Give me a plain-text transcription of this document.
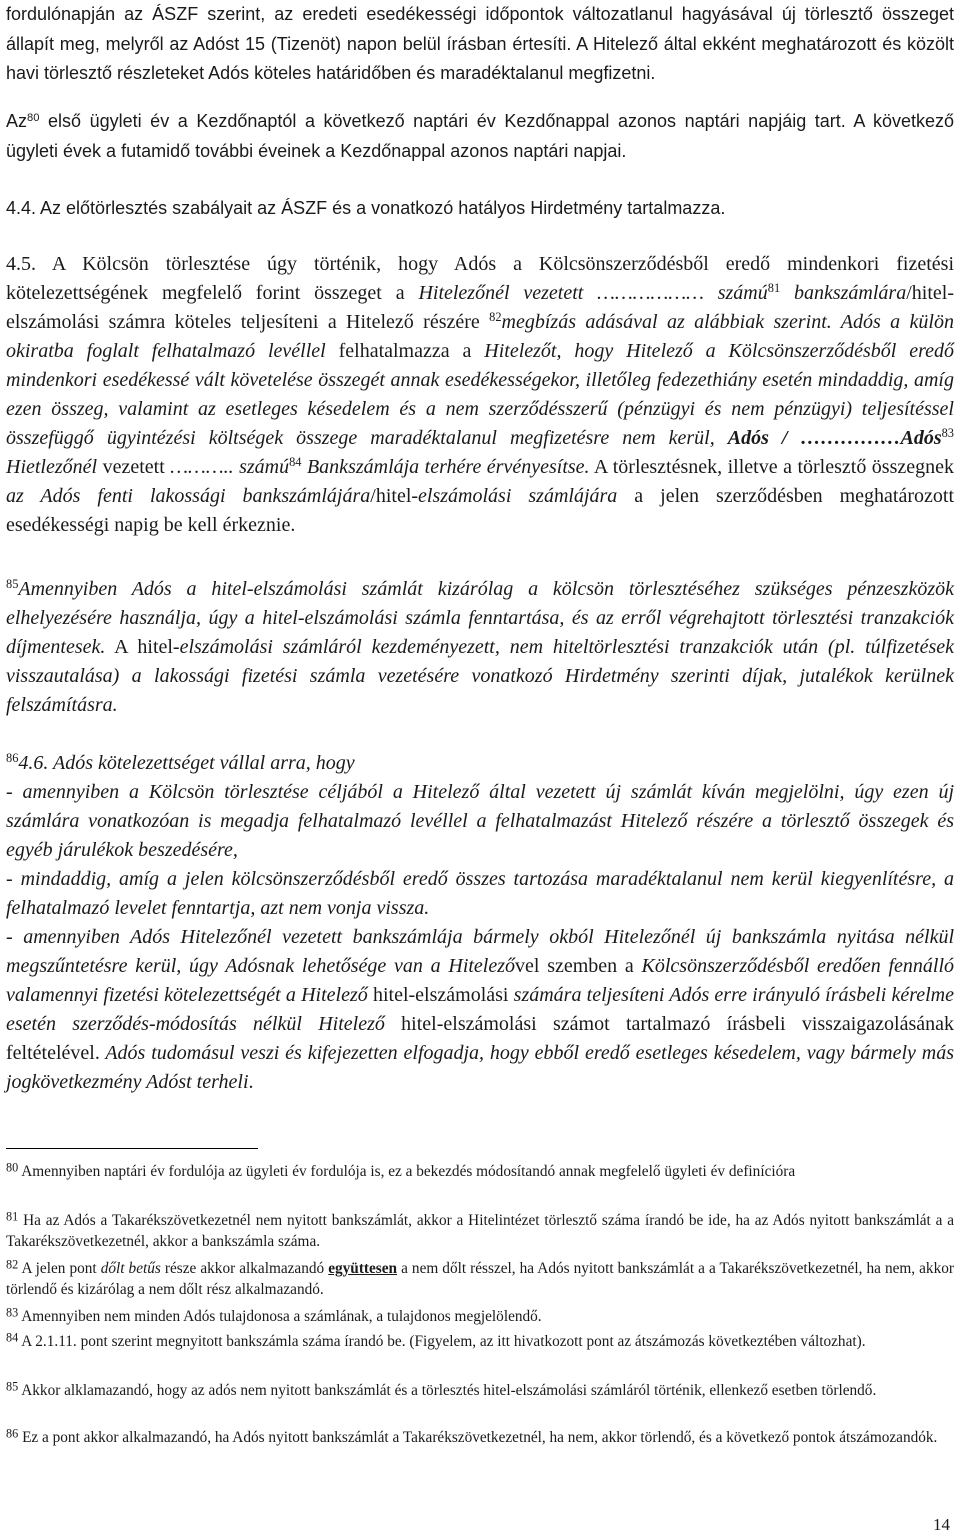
fordulónapján az ÁSZF szerint, az eredeti esedékességi időpontok változatlanul hagyásával új törlesztő összeget állapít meg, melyről az Adóst 15 (Tizenöt) napon belül írásban értesíti. A Hitelező által ekként meghatározott és közölt havi törlesztő részleteket Adós köteles határidőben és maradéktalanul megfizetni.

Az$^{80}$ első ügyleti év a Kezdőnaptól a következő naptári év Kezdőnappal azonos naptári napjáig tart. A következő ügyleti évek a futamidő további éveinek a Kezdőnappal azonos naptári napjai.

4.4. Az előtörlesztés szabályait az ÁSZF és a vonatkozó hatályos Hirdetmény tartalmazza.

4.5. A Kölcsön törlesztése úgy történik, hogy Adós a Kölcsönszerződésből eredő mindenkori fizetési kötelezettségének megfelelő forint összeget a Hitelezőnél vezetett ……………… számú$^{81}$ bankszámlára/hitel-elszámolási számra köteles teljesíteni a Hitelező részére $^{82}$megbízás adásával az alábbiak szerint. Adós a külön okiratba foglalt felhatalmazó levéllel felhatalmazza a Hitelezőt, hogy Hitelező a Kölcsönszerződésből eredő mindenkori esedékessé vált követelése összegét annak esedékességekor, illetőleg fedezethiány esetén mindaddig, amíg ezen összeg, valamint az esetleges késedelem és a nem szerződésszerű (pénzügyi és nem pénzügyi) teljesítéssel összefüggő ügyintézési költségek összege maradéktalanul megfizetésre nem kerül, Adós / ……………Adós$^{83}$ Hietlezőnél vezetett ……….. számú$^{84}$ Bankszámlája terhére érvényesítse. A törlesztésnek, illetve a törlesztő összegnek az Adós fenti lakossági bankszámlájára/hitel-elszámolási számlájára a jelen szerződésben meghatározott esedékességi napig be kell érkeznie.

$^{85}$Amennyiben Adós a hitel-elszámolási számlát kizárólag a kölcsön törlesztéséhez szükséges pénzeszközök elhelyezésére használja, úgy a hitel-elszámolási számla fenntartása, és az erről végrehajtott törlesztési tranzakciók díjmentesek. A hitel-elszámolási számláról kezdeményezett, nem hiteltörlesztési tranzakciók után (pl. túlfizetések visszautalása) a lakossági fizetési számla vezetésére vonatkozó Hirdetmény szerinti díjak, jutalékok kerülnek felszámításra.

$^{86}$4.6. Adós kötelezettséget vállal arra, hogy
- amennyiben a Kölcsön törlesztése céljából a Hitelező által vezetett új számlát kíván megjelölni, úgy ezen új számlára vonatkozóan is megadja felhatalmazó levéllel a felhatalmazást Hitelező részére a törlesztő összegek és egyéb járulékok beszedésére,
- mindaddig, amíg a jelen kölcsönszerződésből eredő összes tartozása maradéktalanul nem kerül kiegyenlítésre, a felhatalmazó levelet fenntartja, azt nem vonja vissza.
- amennyiben Adós Hitelezőnél vezetett bankszámlája bármely okból Hitelezőnél új bankszámla nyitása nélkül megszűntetésre kerül, úgy Adósnak lehetősége van a Hitelezővel szemben a Kölcsönszerződésből eredően fennálló valamennyi fizetési kötelezettségét a Hitelező hitel-elszámolási számára teljesíteni Adós erre irányuló írásbeli kérelme esetén szerződés-módosítás nélkül Hitelező hitel-elszámolási számot tartalmazó írásbeli visszaigazolásának feltételével. Adós tudomásul veszi és kifejezetten elfogadja, hogy ebből eredő esetleges késedelem, vagy bármely más jogkövetkezmény Adóst terheli.

$^{80}$ Amennyiben naptári év fordulója az ügyleti év fordulója is, ez a bekezdés módosítandó annak megfelelő ügyleti év definícióra

$^{81}$ Ha az Adós a Takarékszövetkezetnél nem nyitott bankszámlát, akkor a Hitelintézet törlesztő száma írandó be ide, ha az Adós nyitott bankszámlát a a Takarékszövetkezetnél, akkor a bankszámla száma.

$^{82}$ A jelen pont dőlt betűs része akkor alkalmazandó együttesen a nem dőlt résszel, ha Adós nyitott bankszámlát a a Takarékszövetkezetnél, ha nem, akkor törlendő és kizárólag a nem dőlt rész alkalmazandó.

$^{83}$ Amennyiben nem minden Adós tulajdonosa a számlának, a tulajdonos megjelölendő.

$^{84}$ A 2.1.11. pont szerint megnyitott bankszámla száma írandó be. (Figyelem, az itt hivatkozott pont az átszámozás következtében változhat).

$^{85}$ Akkor alklamazandó, hogy az adós nem nyitott bankszámlát és a törlesztés hitel-elszámolási számláról történik, ellenkező esetben törlendő.

$^{86}$ Ez a pont akkor alkalmazandó, ha Adós nyitott bankszámlát a Takarékszövetkezetnél, ha nem, akkor törlendő, és a következő pontok átszámozandók.

14
